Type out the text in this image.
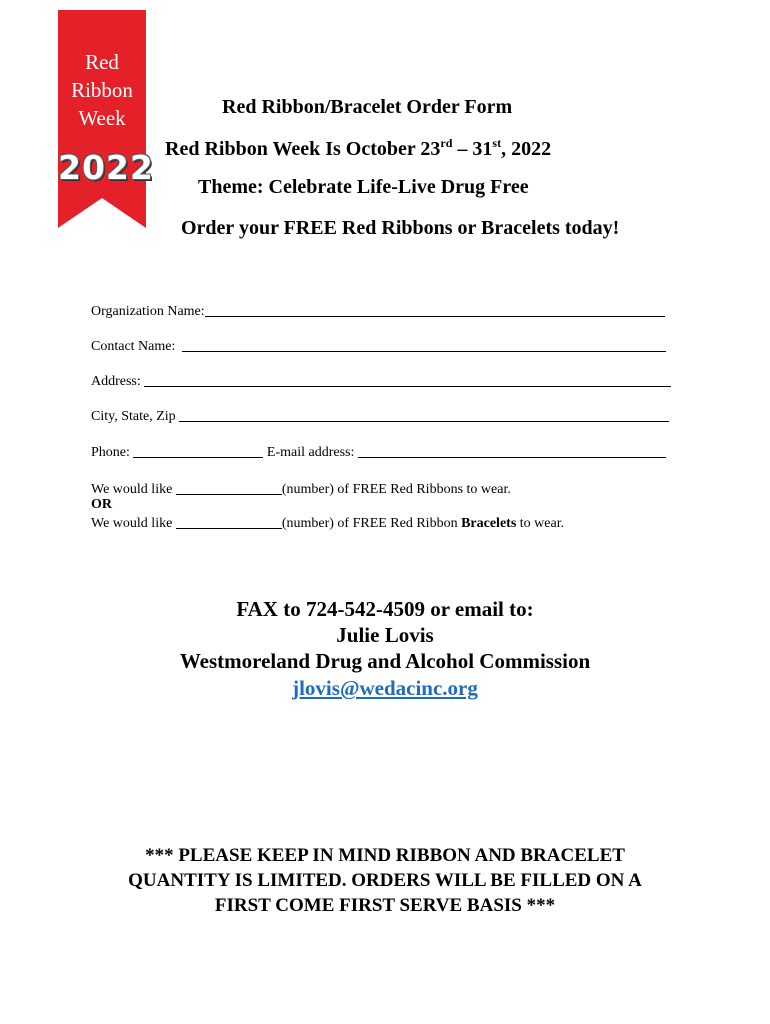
Red
Ribbon
Week
2022
Red Ribbon/Bracelet Order Form
Red Ribbon Week Is October 23rd – 31st, 2022
Theme: Celebrate Life-Live Drug Free
Order your FREE Red Ribbons or Bracelets today!
Organization Name:
Contact Name:
Address:
City, State, Zip
Phone:	E-mail address:
We would like	(number) of FREE Red Ribbons to wear.
OR
We would like	(number) of FREE Red Ribbon Bracelets to wear.
FAX to 724-542-4509 or email to:
Julie Lovis
Westmoreland Drug and Alcohol Commission
jlovis@wedacinc.org
*** PLEASE KEEP IN MIND RIBBON AND BRACELET
QUANTITY IS LIMITED. ORDERS WILL BE FILLED ON A
FIRST COME FIRST SERVE BASIS ***
